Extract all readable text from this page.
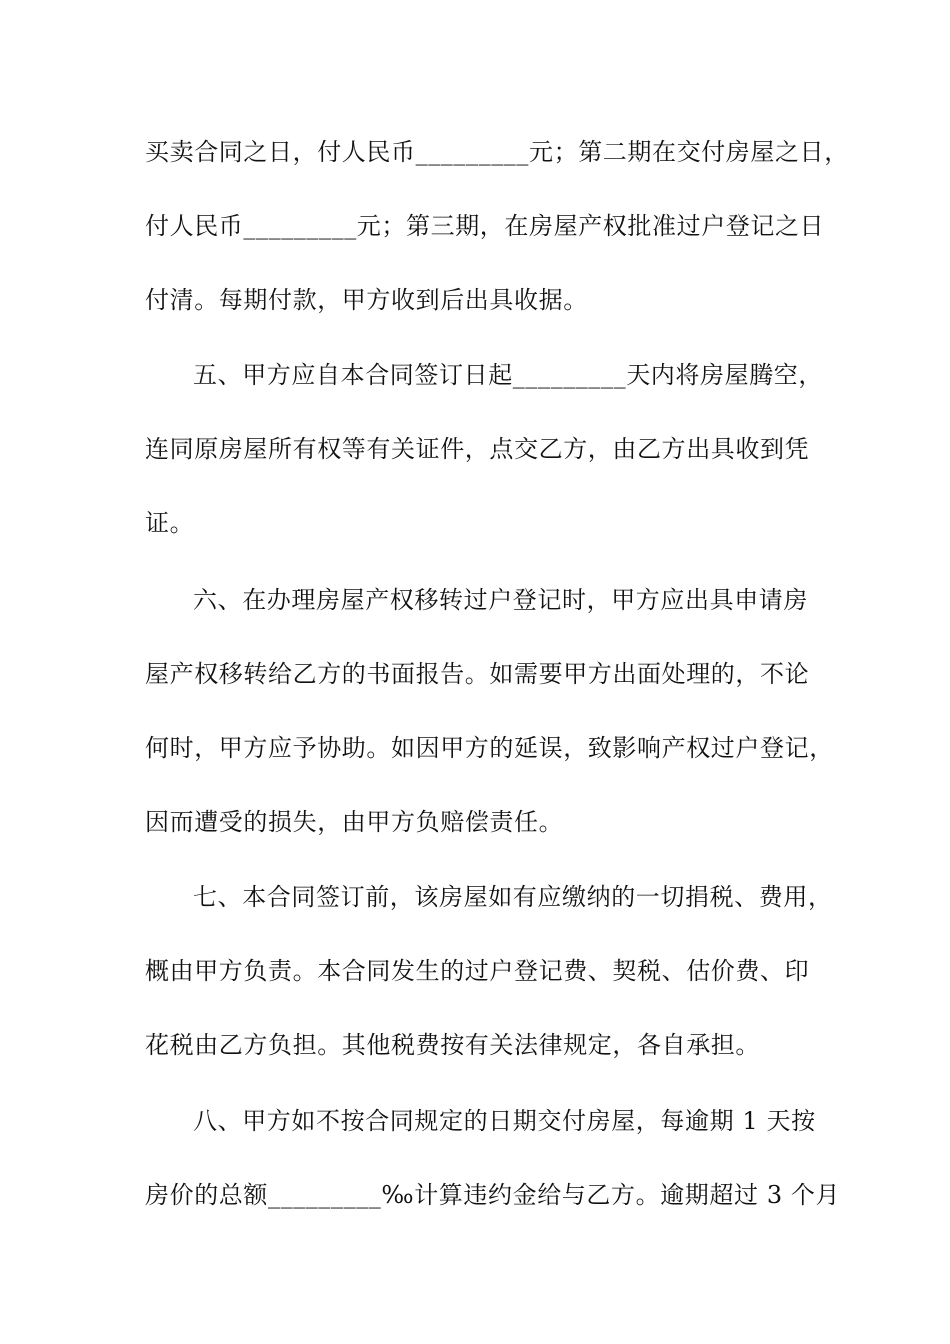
买卖合同之日，付人民币_________元；第二期在交付房屋之日，
付人民币_________元；第三期，在房屋产权批准过户登记之日
付清。每期付款，甲方收到后出具收据。
五、甲方应自本合同签订日起_________天内将房屋腾空，
连同原房屋所有权等有关证件，点交乙方，由乙方出具收到凭
证。
六、在办理房屋产权移转过户登记时，甲方应出具申请房
屋产权移转给乙方的书面报告。如需要甲方出面处理的，不论
何时，甲方应予协助。如因甲方的延误，致影响产权过户登记，
因而遭受的损失，由甲方负赔偿责任。
七、本合同签订前，该房屋如有应缴纳的一切捐税、费用，
概由甲方负责。本合同发生的过户登记费、契税、估价费、印
花税由乙方负担。其他税费按有关法律规定，各自承担。
八、甲方如不按合同规定的日期交付房屋，每逾期 1 天按
房价的总额_________‰计算违约金给与乙方。逾期超过 3 个月
